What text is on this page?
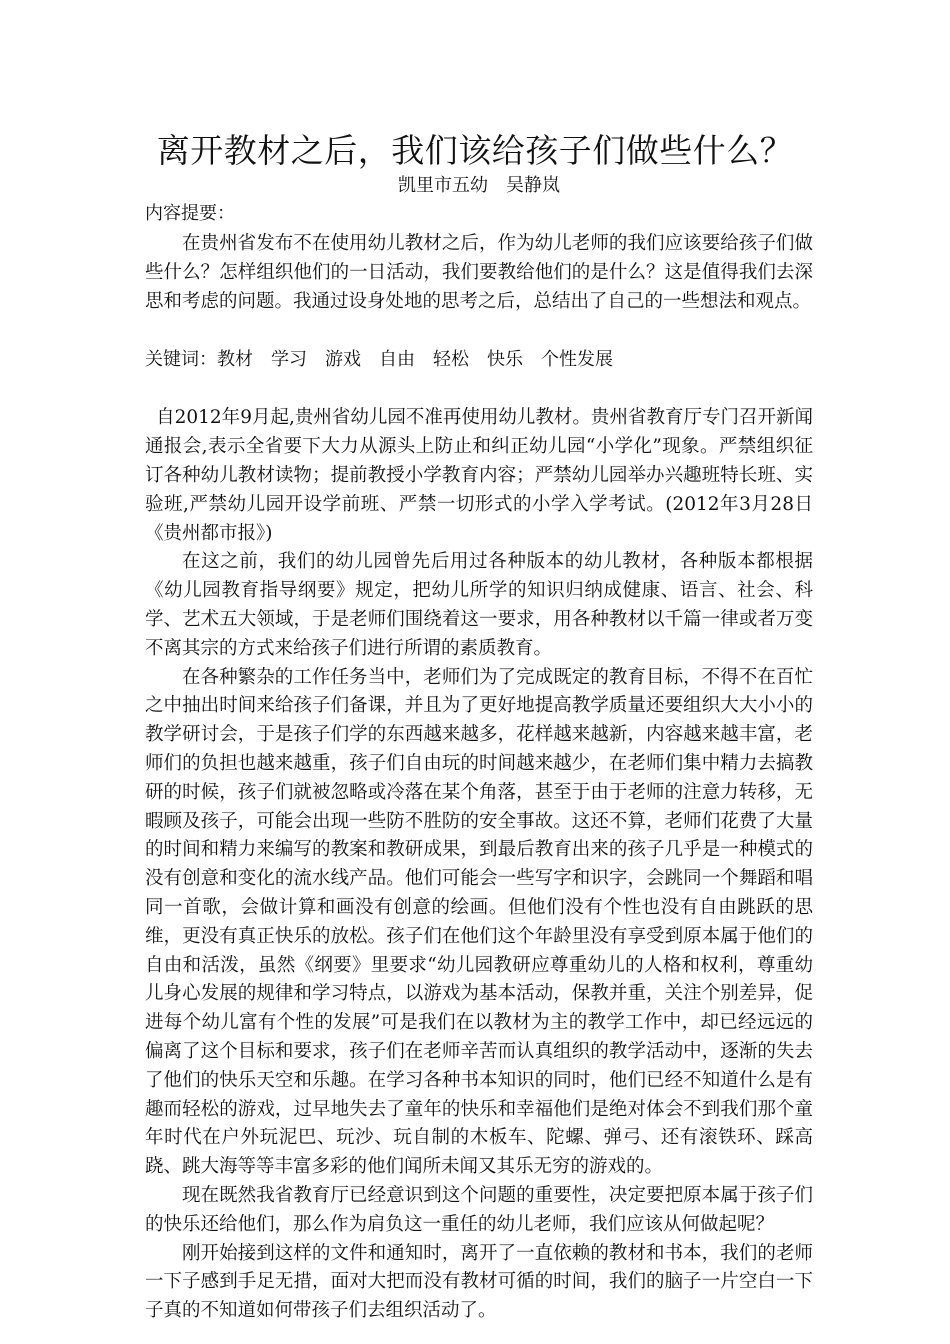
离开教材之后，我们该给孩子们做些什么？
凯里市五幼　吴静岚
内容提要：

在贵州省发布不在使用幼儿教材之后，作为幼儿老师的我们应该要给孩子们做些什么？怎样组织他们的一日活动，我们要教给他们的是什么？这是值得我们去深思和考虑的问题。我通过设身处地的思考之后，总结出了自己的一些想法和观点。

关键词：教材 学习 游戏 自由 轻松 快乐 个性发展

自2012年9月起,贵州省幼儿园不准再使用幼儿教材。贵州省教育厅专门召开新闻通报会,表示全省要下大力从源头上防止和纠正幼儿园“小学化”现象。严禁组织征订各种幼儿教材读物；提前教授小学教育内容；严禁幼儿园举办兴趣班特长班、实验班,严禁幼儿园开设学前班、严禁一切形式的小学入学考试。(2012年3月28日《贵州都市报》)

在这之前，我们的幼儿园曾先后用过各种版本的幼儿教材，各种版本都根据《幼儿园教育指导纲要》规定，把幼儿所学的知识归纳成健康、语言、社会、科学、艺术五大领域，于是老师们围绕着这一要求，用各种教材以千篇一律或者万变不离其宗的方式来给孩子们进行所谓的素质教育。

在各种繁杂的工作任务当中，老师们为了完成既定的教育目标，不得不在百忙之中抽出时间来给孩子们备课，并且为了更好地提高教学质量还要组织大大小小的教学研讨会，于是孩子们学的东西越来越多，花样越来越新，内容越来越丰富，老师们的负担也越来越重，孩子们自由玩的时间越来越少，在老师们集中精力去搞教研的时候，孩子们就被忽略或冷落在某个角落，甚至于由于老师的注意力转移，无暇顾及孩子，可能会出现一些防不胜防的安全事故。这还不算，老师们花费了大量的时间和精力来编写的教案和教研成果，到最后教育出来的孩子几乎是一种模式的没有创意和变化的流水线产品。他们可能会一些写字和识字，会跳同一个舞蹈和唱同一首歌，会做计算和画没有创意的绘画。但他们没有个性也没有自由跳跃的思维，更没有真正快乐的放松。孩子们在他们这个年龄里没有享受到原本属于他们的自由和活泼，虽然《纲要》里要求“幼儿园教研应尊重幼儿的人格和权利，尊重幼儿身心发展的规律和学习特点，以游戏为基本活动，保教并重，关注个别差异，促进每个幼儿富有个性的发展”可是我们在以教材为主的教学工作中，却已经远远的偏离了这个目标和要求，孩子们在老师辛苦而认真组织的教学活动中，逐渐的失去了他们的快乐天空和乐趣。在学习各种书本知识的同时，他们已经不知道什么是有趣而轻松的游戏，过早地失去了童年的快乐和幸福他们是绝对体会不到我们那个童年时代在户外玩泥巴、玩沙、玩自制的木板车、陀螺、弹弓、还有滚铁环、踩高跷、跳大海等等丰富多彩的他们闻所未闻又其乐无穷的游戏的。

现在既然我省教育厅已经意识到这个问题的重要性，决定要把原本属于孩子们的快乐还给他们，那么作为肩负这一重任的幼儿老师，我们应该从何做起呢？

刚开始接到这样的文件和通知时，离开了一直依赖的教材和书本，我们的老师一下子感到手足无措，面对大把而没有教材可循的时间，我们的脑子一片空白一下子真的不知道如何带孩子们去组织活动了。
